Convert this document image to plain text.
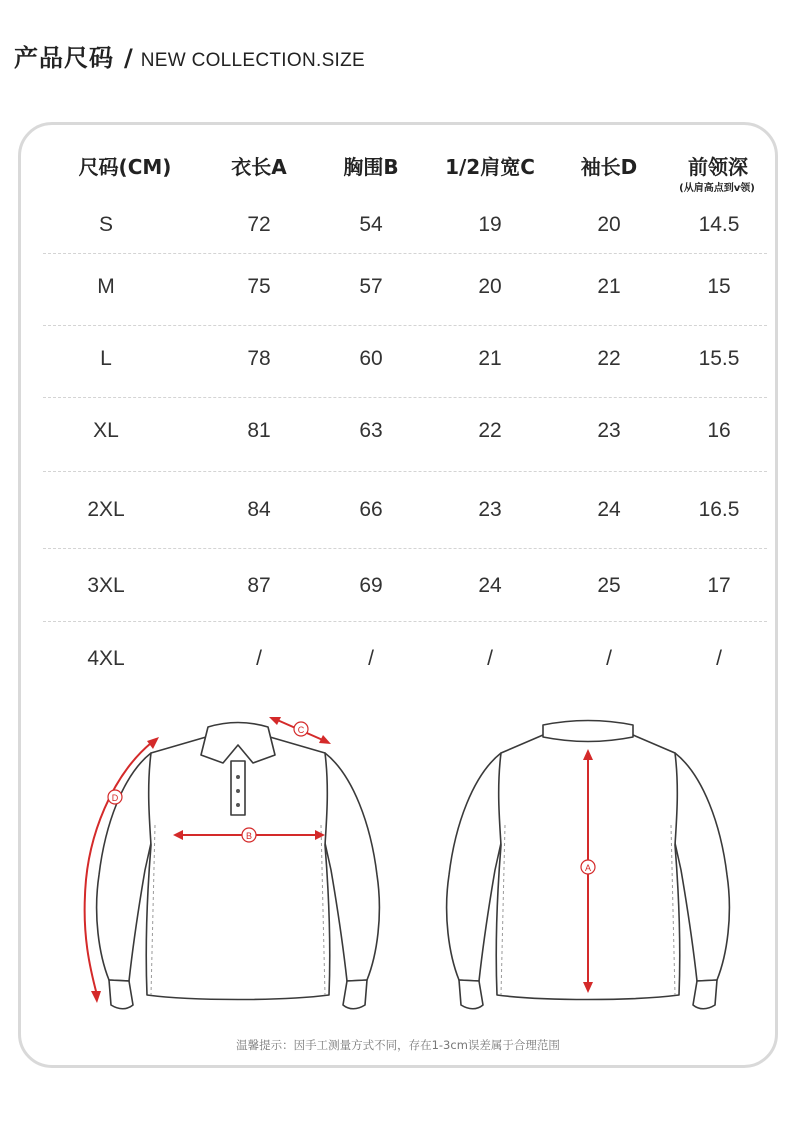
产品尺码 / NEW COLLECTION.SIZE
尺码(CM)	衣长A	胸围B	1/2肩宽C	袖长D	前领深
(从肩高点到v领)
S	72	54	19	20	14.5
M	75	57	20	21	15
L	78	60	21	22	15.5
XL	81	63	22	23	16
2XL	84	66	23	24	16.5
3XL	87	69	24	25	17
4XL	/	/	/	/	/
D
B
C
A
温馨提示：因手工测量方式不同，存在1-3cm误差属于合理范围
